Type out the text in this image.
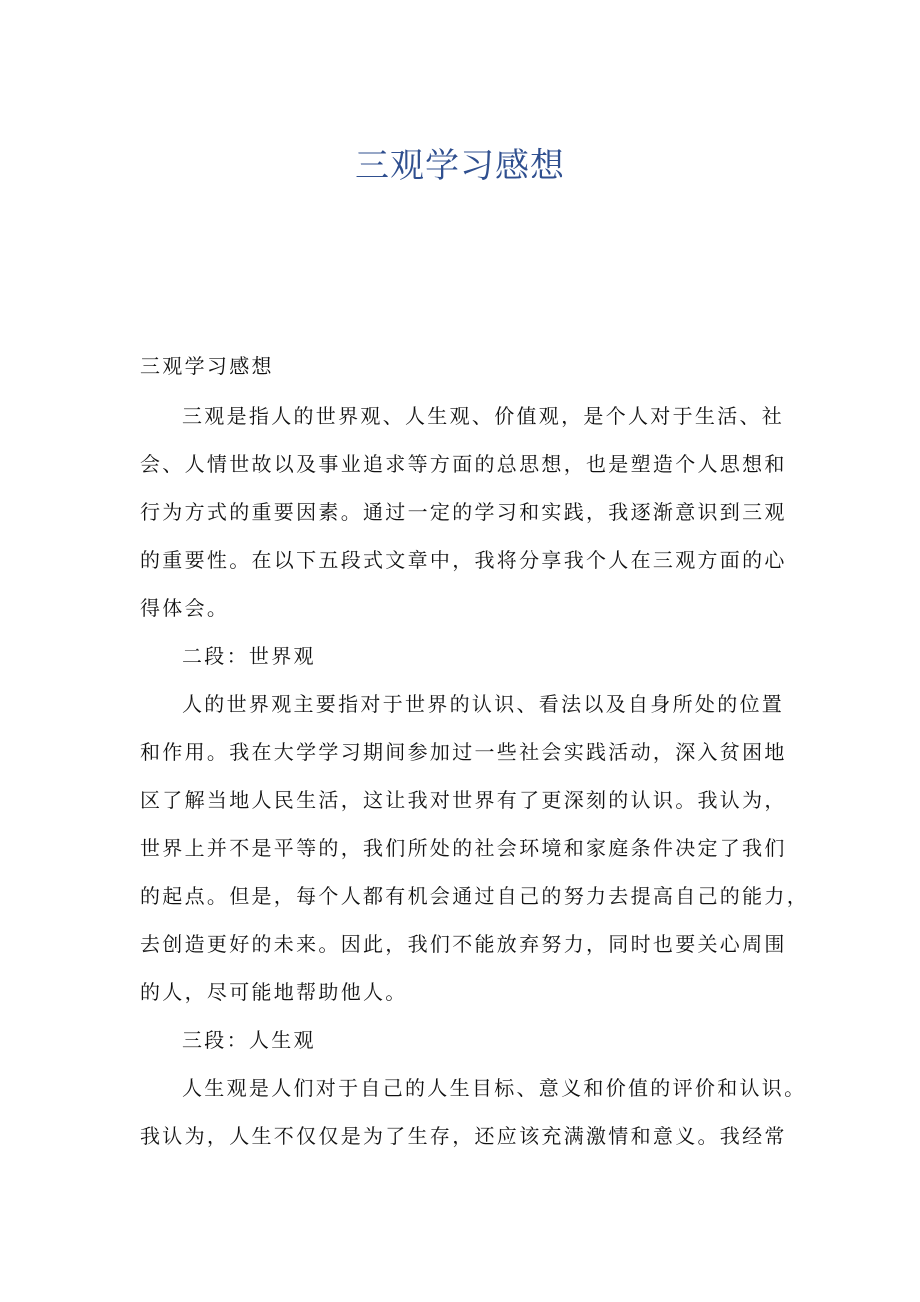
三观学习感想
三观学习感想
三观是指人的世界观、人生观、价值观，是个人对于生活、社
会、人情世故以及事业追求等方面的总思想，也是塑造个人思想和
行为方式的重要因素。通过一定的学习和实践，我逐渐意识到三观
的重要性。在以下五段式文章中，我将分享我个人在三观方面的心
得体会。
二段：世界观
人的世界观主要指对于世界的认识、看法以及自身所处的位置
和作用。我在大学学习期间参加过一些社会实践活动，深入贫困地
区了解当地人民生活，这让我对世界有了更深刻的认识。我认为，
世界上并不是平等的，我们所处的社会环境和家庭条件决定了我们
的起点。但是，每个人都有机会通过自己的努力去提高自己的能力，
去创造更好的未来。因此，我们不能放弃努力，同时也要关心周围
的人，尽可能地帮助他人。
三段：人生观
人生观是人们对于自己的人生目标、意义和价值的评价和认识。
我认为，人生不仅仅是为了生存，还应该充满激情和意义。我经常
